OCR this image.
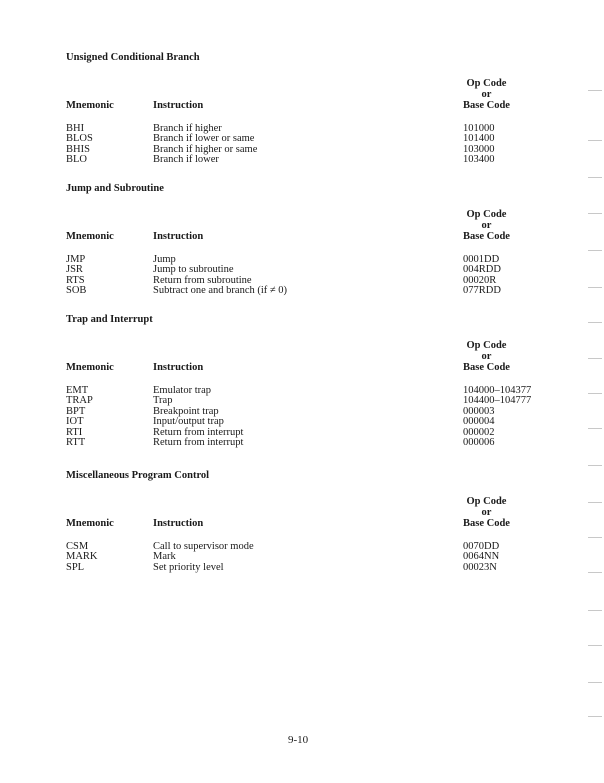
Unsigned Conditional Branch
Op Code
or
Base Code
Mnemonic	Instruction
BHI	Branch if higher	101000
BLOS	Branch if lower or same	101400
BHIS	Branch if higher or same	103000
BLO	Branch if lower	103400
Jump and Subroutine
Op Code
or
Base Code
Mnemonic	Instruction
JMP	Jump	0001DD
JSR	Jump to subroutine	004RDD
RTS	Return from subroutine	00020R
SOB	Subtract one and branch (if ≠ 0)	077RDD
Trap and Interrupt
Op Code
or
Base Code
Mnemonic	Instruction
EMT	Emulator trap	104000–104377
TRAP	Trap	104400–104777
BPT	Breakpoint trap	000003
IOT	Input/output trap	000004
RTI	Return from interrupt	000002
RTT	Return from interrupt	000006
Miscellaneous Program Control
Op Code
or
Base Code
Mnemonic	Instruction
CSM	Call to supervisor mode	0070DD
MARK	Mark	0064NN
SPL	Set priority level	00023N
9-10
